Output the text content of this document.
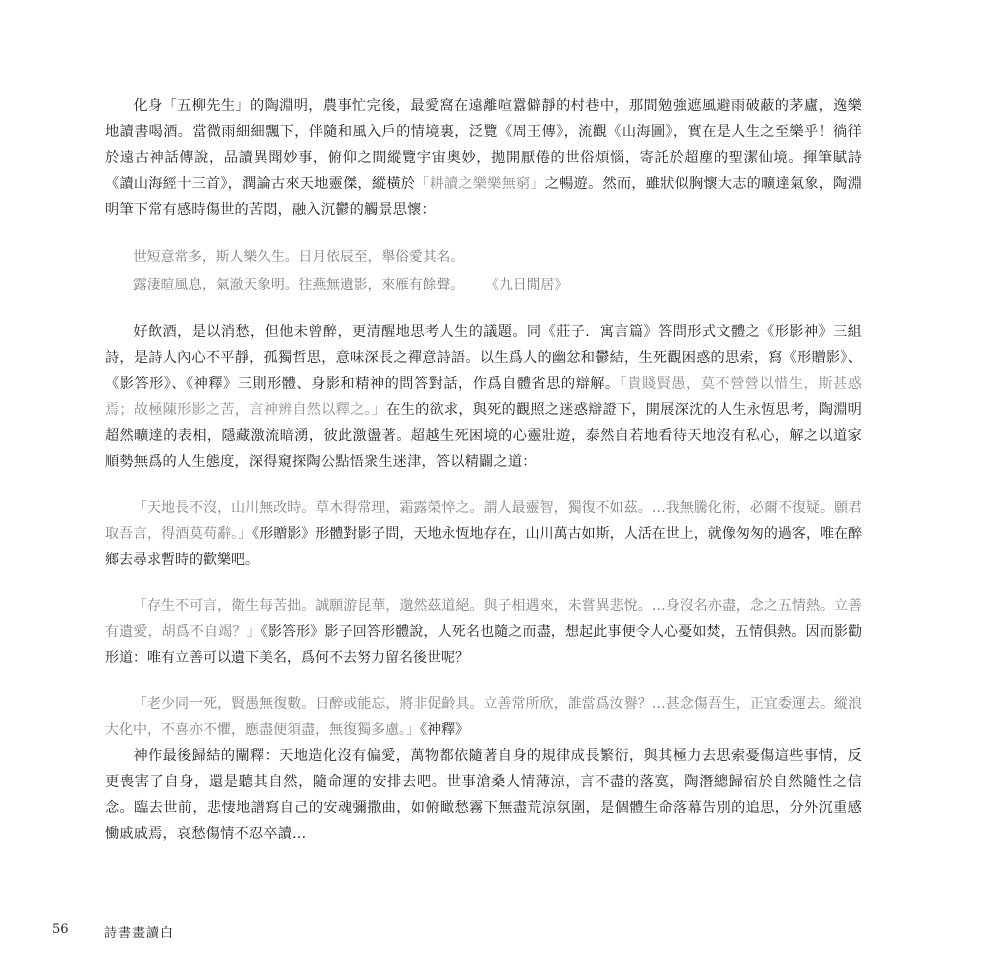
化身「五柳先生」的陶淵明，農事忙完後，最愛窩在遠離喧囂僻靜的村巷中，那間勉強遮風避雨破蔽的茅廬，逸樂地讀書喝酒。當微雨細細飄下，伴隨和風入戶的情境裏，泛覽《周王傳》，流觀《山海圖》，實在是人生之至樂乎！徜徉於遠古神話傳說，品讀異聞妙事，俯仰之間縱覽宇宙奧妙，拋開厭倦的世俗煩惱，寄託於超塵的聖潔仙境。揮筆賦詩《讀山海經十三首》，潤論古來天地靈傑，縱橫於「耕讀之樂樂無窮」之暢遊。然而，雖狀似胸懷大志的曠達氣象，陶淵明筆下常有感時傷世的苦悶，融入沉鬱的觸景思懷：

世短意常多，斯人樂久生。日月依辰至，舉俗愛其名。

露淒暄風息，氣澈天象明。往燕無遺影，來雁有餘聲。 《九日閒居》

好飲酒，是以消愁，但他未曾醉，更清醒地思考人生的議題。同《莊子．寓言篇》答問形式文體之《形影神》三組詩，是詩人內心不平靜，孤獨哲思，意味深長之禪意詩語。以生爲人的幽忿和鬱結，生死觀困惑的思索，寫《形贈影》、《影答形》、《神釋》三則形體、身影和精神的問答對話，作爲自體省思的辯解。「貴賤賢愚，莫不營營以惜生，斯甚惑焉；故極陳形影之苦，言神辨自然以釋之。」在生的欲求，與死的觀照之迷惑辯證下，開展深沈的人生永恆思考，陶淵明超然曠達的表相，隱藏激流暗湧，彼此激盪著。超越生死困境的心靈壯遊，泰然自若地看待天地沒有私心，解之以道家順勢無爲的人生態度，深得窺探陶公點悟衆生迷津，答以精闢之道：

「天地長不沒，山川無改時。草木得常理，霜露榮悴之。謂人最靈智，獨復不如茲。…我無騰化術，必爾不復疑。願君取吾言，得酒莫苟辭。」《形贈影》形體對影子問，天地永恆地存在，山川萬古如斯，人活在世上，就像匆匆的過客，唯在醉鄉去尋求暫時的歡樂吧。

「存生不可言，衛生每苦拙。誠願游昆華，邈然茲道絕。與子相遇來，未嘗異悲悅。…身沒名亦盡，念之五情熱。立善有遺愛，胡爲不自竭？」《影答形》影子回答形體說，人死名也隨之而盡，想起此事便令人心憂如焚，五情俱熱。因而影勸形道：唯有立善可以遺下美名，爲何不去努力留名後世呢？

「老少同一死，賢愚無復數。日醉或能忘，將非促齡具。立善常所欣，誰當爲汝譽？…甚念傷吾生，正宜委運去。縱浪大化中，不喜亦不懼，應盡便須盡，無復獨多慮。」《神釋》

神作最後歸結的闡釋：天地造化沒有偏愛，萬物都依隨著自身的規律成長繁衍，與其極力去思索憂傷這些事情，反更喪害了自身，還是聽其自然，隨命運的安排去吧。世事滄桑人情薄涼，言不盡的落寞，陶潛總歸宿於自然隨性之信念。臨去世前，悲悽地譜寫自己的安魂彌撒曲，如俯瞰愁霧下無盡荒涼氛圍，是個體生命落幕告別的追思，分外沉重感慟戚戚焉，哀愁傷情不忍卒讀…

56	詩書畫讀白
